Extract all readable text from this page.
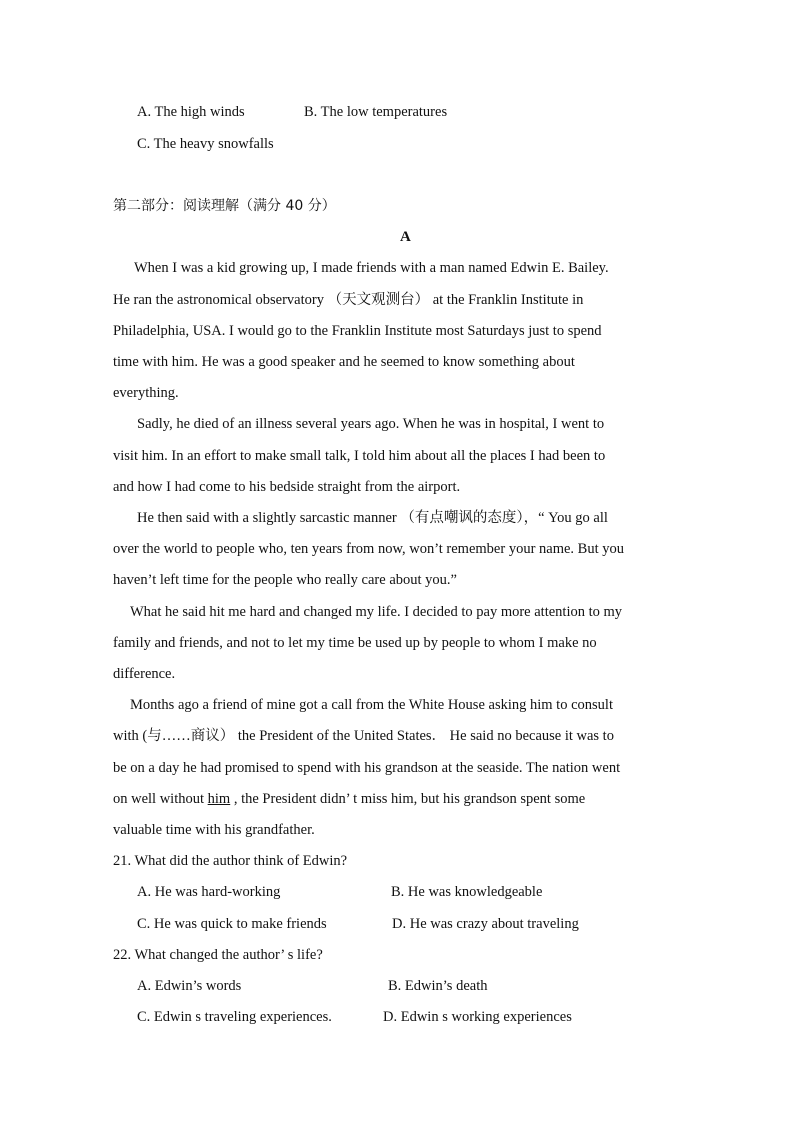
A. The high winds	B. The low temperatures
C. The heavy snowfalls
第二部分：阅读理解（满分 40 分）
A
When I was a kid growing up, I made friends with a man named Edwin E. Bailey.
He ran the astronomical observatory （天文观测台） at the Franklin Institute in
Philadelphia, USA. I would go to the Franklin Institute most Saturdays just to spend
time with him. He was a good speaker and he seemed to know something about
everything.
Sadly, he died of an illness several years ago. When he was in hospital, I went to
visit him. In an effort to make small talk, I told him about all the places I had been to
and how I had come to his bedside straight from the airport.
He then said with a slightly sarcastic manner （有点嘲讽的态度），“ You go all
over the world to people who, ten years from now, won’t remember your name. But you
haven’t left time for the people who really care about you.”
What he said hit me hard and changed my life. I decided to pay more attention to my
family and friends, and not to let my time be used up by people to whom I make no
difference.
Months ago a friend of mine got a call from the White House asking him to consult
with (与……商议） the President of the United States． He said no because it was to
be on a day he had promised to spend with his grandson at the seaside. The nation went
on well without him , the President didn’ t miss him, but his grandson spent some
valuable time with his grandfather.
21. What did the author think of Edwin?
A. He was hard-working	B. He was knowledgeable
C. He was quick to make friends	D. He was crazy about traveling
22. What changed the author’ s life?
A. Edwin’s words	B. Edwin’s death
C. Edwin s traveling experiences.	D. Edwin s working experiences
